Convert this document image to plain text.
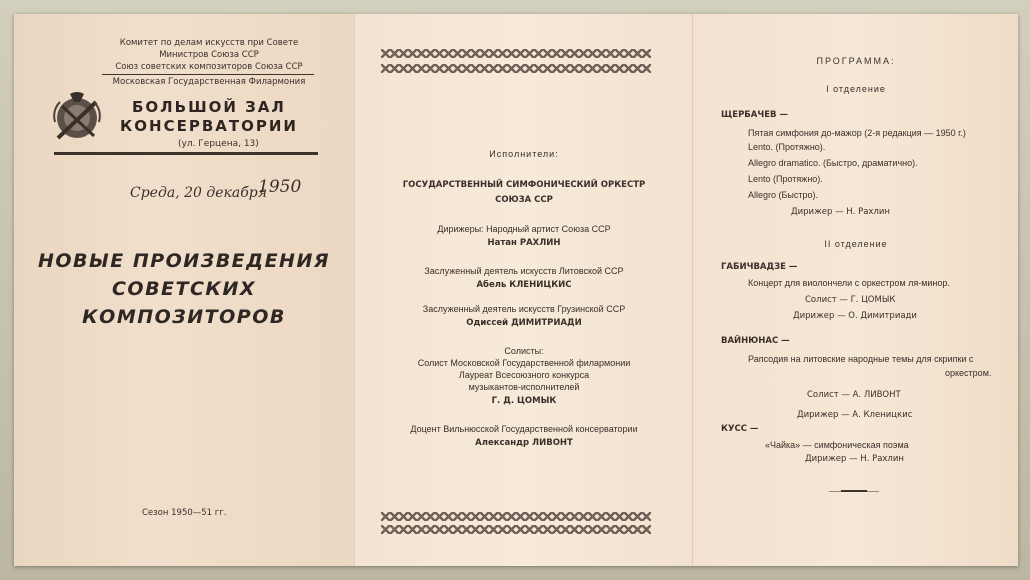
Комитет по делам искусств при Совете
Министров Союза ССР
Союз советских композиторов Союза ССР
Московская Государственная Филармония
БОЛЬШОЙ ЗАЛ
КОНСЕРВАТОРИИ
(ул. Герцена, 13)
Среда, 20 декабря
1950
НОВЫЕ ПРОИЗВЕДЕНИЯ
СОВЕТСКИХ
КОМПОЗИТОРОВ
Сезон 1950—51 гг.
Исполнители:
ГОСУДАРСТВЕННЫЙ СИМФОНИЧЕСКИЙ ОРКЕСТР
СОЮЗА ССР
Дирижеры: Народный артист Союза ССР
Натан РАХЛИН
Заслуженный деятель искусств Литовской ССР
Абель КЛЕНИЦКИС
Заслуженный деятель искусств Грузинской ССР
Одиссей ДИМИТРИАДИ
Солисты:
Солист Московской Государственной филармонии
Лауреат Всесоюзного конкурса
музыкантов-исполнителей
Г. Д. ЦОМЫК
Доцент Вильнюсской Государственной консерватории
Александр ЛИВОНТ
ПРОГРАММА:
I отделение
ЩЕРБАЧЕВ —
Пятая симфония до-мажор (2-я редакция — 1950 г.)
Lento. (Протяжно).
Allegro dramatico. (Быстро, драматично).
Lento (Протяжно).
Allegro (Быстро).
Дирижер — Н. Рахлин
II отделение
ГАБИЧВАДЗЕ —
Концерт для виолончели с оркестром ля-минор.
Солист — Г. ЦОМЫК
Дирижер — О. Димитриади
ВАЙНЮНАС —
Рапсодия на литовские народные темы для скрипки с
оркестром.
Солист — А. ЛИВОНТ
Дирижер — А. Кленицкис
КУСС —
«Чайка» — симфоническая поэма
Дирижер — Н. Рахлин
